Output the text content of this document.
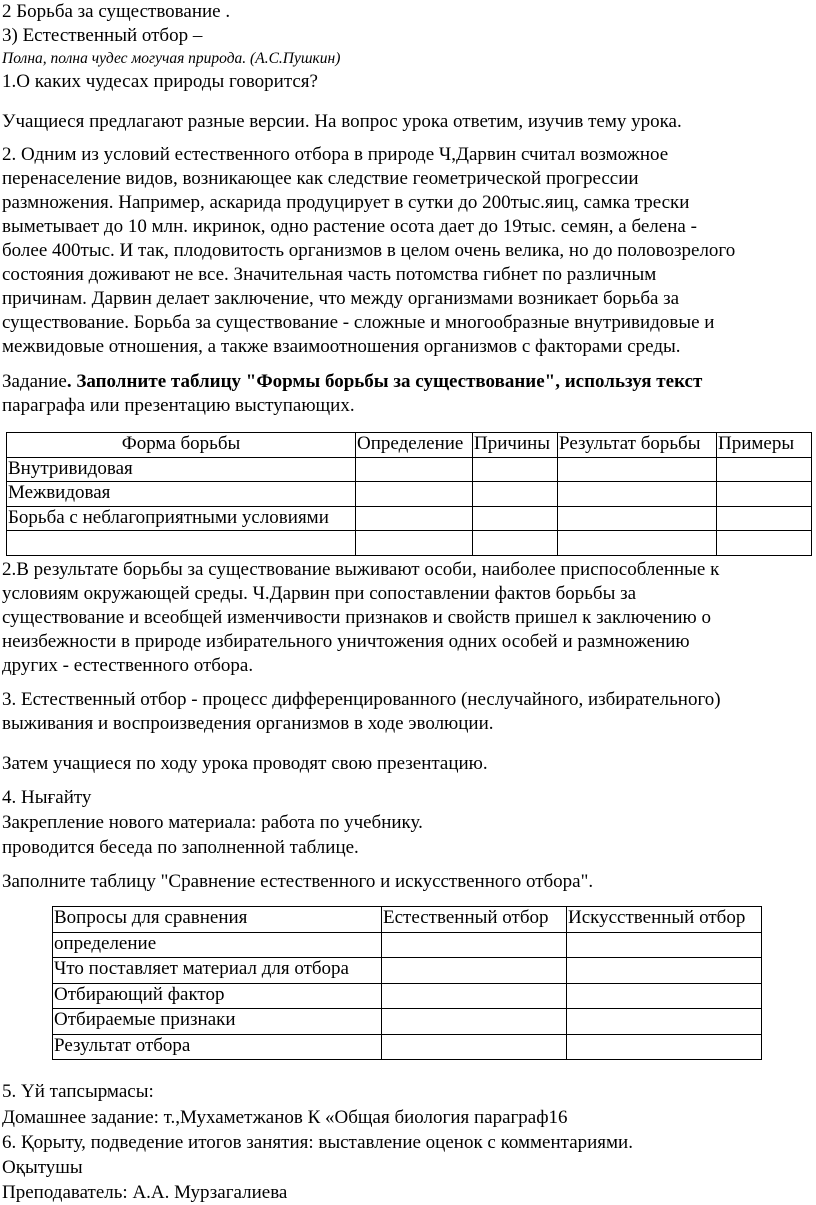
2 Борьба за существование .
3) Естественный отбор –
Полна, полна чудес могучая природа. (А.С.Пушкин)
1.О каких чудесах природы говорится?
Учащиеся предлагают разные версии. На вопрос урока ответим, изучив тему урока.
2. Одним из условий естественного отбора в природе Ч,Дарвин считал возможное
перенаселение видов, возникающее как следствие геометрической прогрессии
размножения. Например, аскарида продуцирует в сутки до 200тыс.яиц, самка трески
выметывает до 10 млн. икринок, одно растение осота дает до 19тыс. семян, а белена -
более 400тыс. И так, плодовитость организмов в целом очень велика, но до половозрелого
состояния доживают не все. Значительная часть потомства гибнет по различным
причинам. Дарвин делает заключение, что между организмами возникает борьба за
существование. Борьба за существование - сложные и многообразные внутривидовые и
межвидовые отношения, а также взаимоотношения организмов с факторами среды.
Задание. Заполните таблицу "Формы борьбы за существование", используя текст
параграфа или презентацию выступающих.
Форма борьбы	Определение	Причины	Результат борьбы	Примеры
Внутривидовая				
Межвидовая				
Борьба с неблагоприятными условиями				

2.В результате борьбы за существование выживают особи, наиболее приспособленные к
условиям окружающей среды. Ч.Дарвин при сопоставлении фактов борьбы за
существование и всеобщей изменчивости признаков и свойств пришел к заключению о
неизбежности в природе избирательного уничтожения одних особей и размножению
других - естественного отбора.
3. Естественный отбор - процесс дифференцированного (неслучайного, избирательного)
выживания и воспроизведения организмов в ходе эволюции.
Затем учащиеся по ходу урока проводят свою презентацию.
4. Нығайту
Закрепление нового материала: работа по учебнику.
проводится беседа по заполненной таблице.
Заполните таблицу "Сравнение естественного и искусственного отбора".
Вопросы для сравнения	Естественный отбор	Искусственный отбор
определение		
Что поставляет материал для отбора		
Отбирающий фактор		
Отбираемые признаки		
Результат отбора		
5. Үй тапсырмасы:
Домашнее задание: т.,Мухаметжанов К «Общая биология параграф16
6. Қорыту, подведение итогов занятия: выставление оценок с комментариями.
Оқытушы
Преподаватель: А.А. Мурзагалиева
